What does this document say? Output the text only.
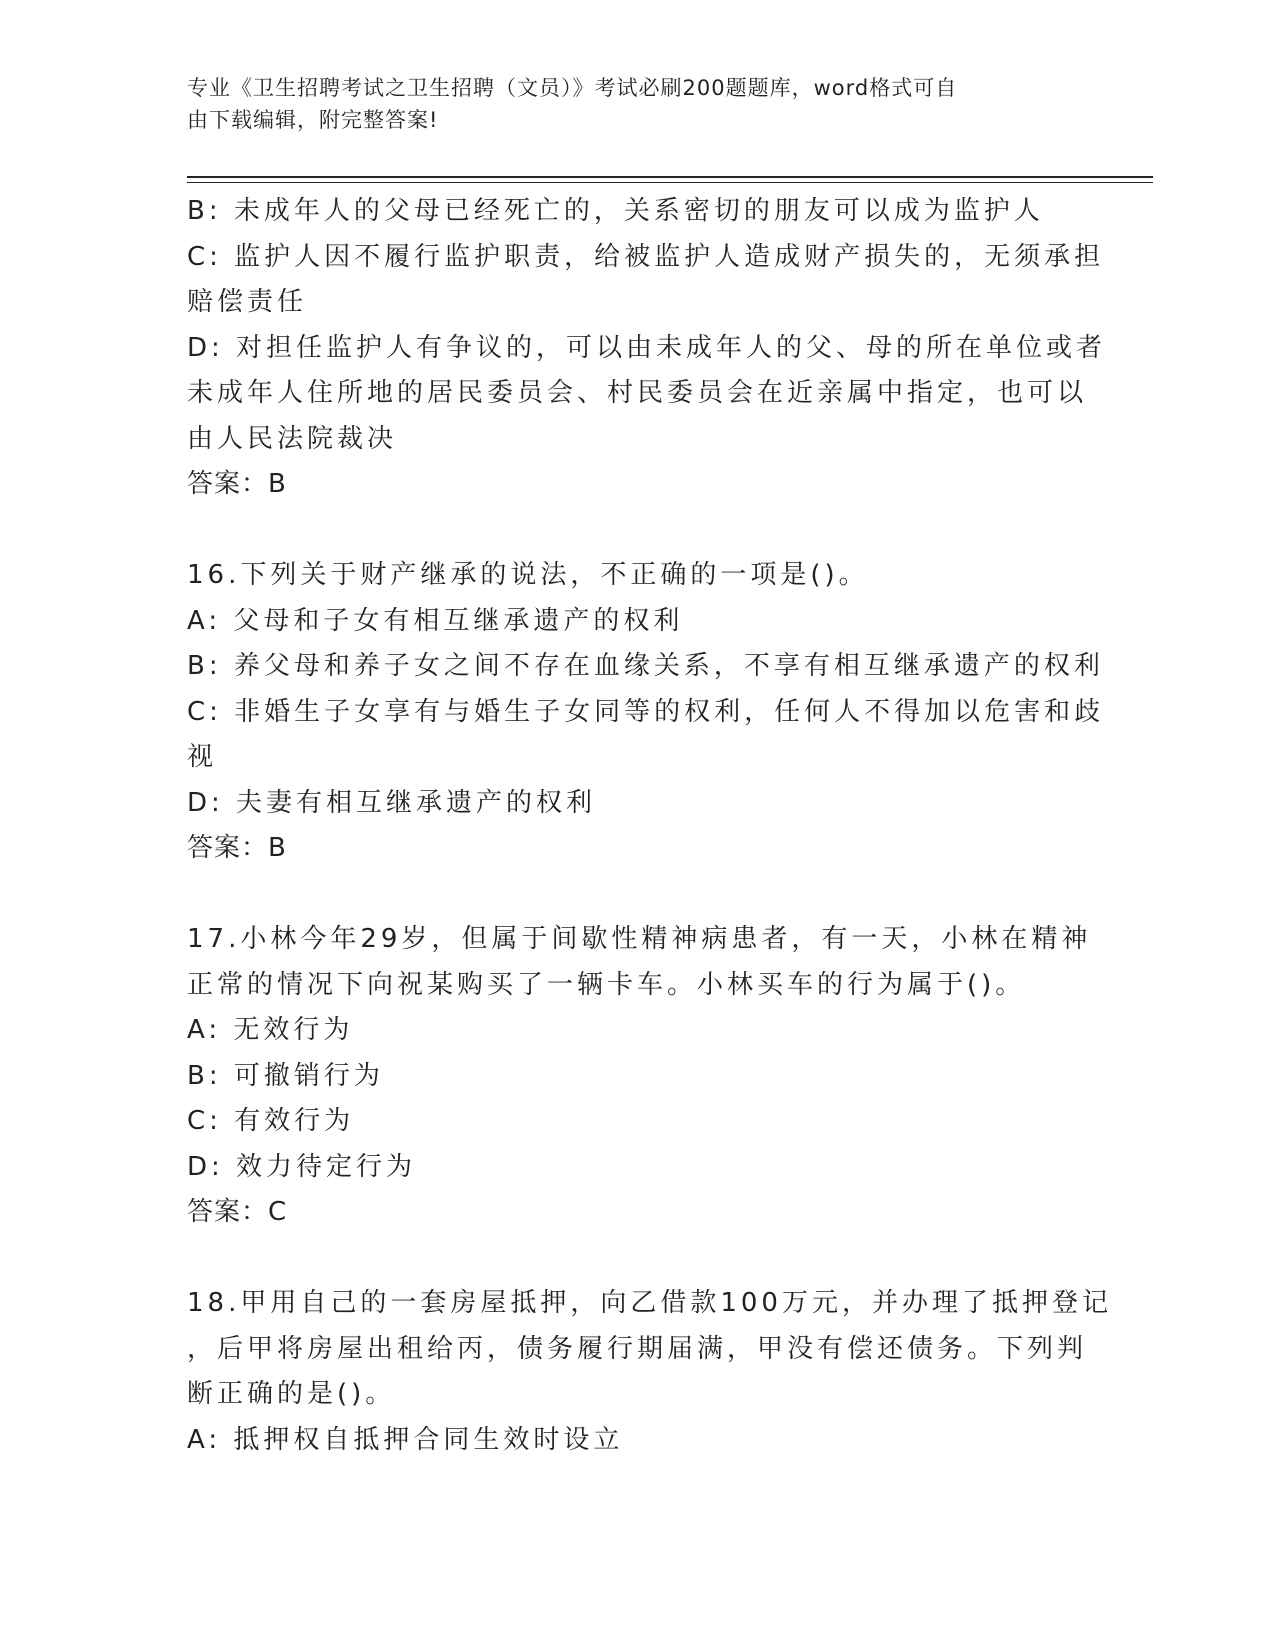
专业《卫生招聘考试之卫生招聘（文员）》考试必刷200题题库，word格式可自
由下载编辑，附完整答案!
B: 未成年人的父母已经死亡的，关系密切的朋友可以成为监护人
C: 监护人因不履行监护职责，给被监护人造成财产损失的，无须承担
赔偿责任
D: 对担任监护人有争议的，可以由未成年人的父、母的所在单位或者
未成年人住所地的居民委员会、村民委员会在近亲属中指定，也可以
由人民法院裁决
答案：B
16.下列关于财产继承的说法，不正确的一项是()。
A: 父母和子女有相互继承遗产的权利
B: 养父母和养子女之间不存在血缘关系，不享有相互继承遗产的权利
C: 非婚生子女享有与婚生子女同等的权利，任何人不得加以危害和歧
视
D: 夫妻有相互继承遗产的权利
答案：B
17.小林今年29岁，但属于间歇性精神病患者，有一天，小林在精神
正常的情况下向祝某购买了一辆卡车。小林买车的行为属于()。
A: 无效行为
B: 可撤销行为
C: 有效行为
D: 效力待定行为
答案：C
18.甲用自己的一套房屋抵押，向乙借款100万元，并办理了抵押登记
，后甲将房屋出租给丙，债务履行期届满，甲没有偿还债务。下列判
断正确的是()。
A: 抵押权自抵押合同生效时设立
